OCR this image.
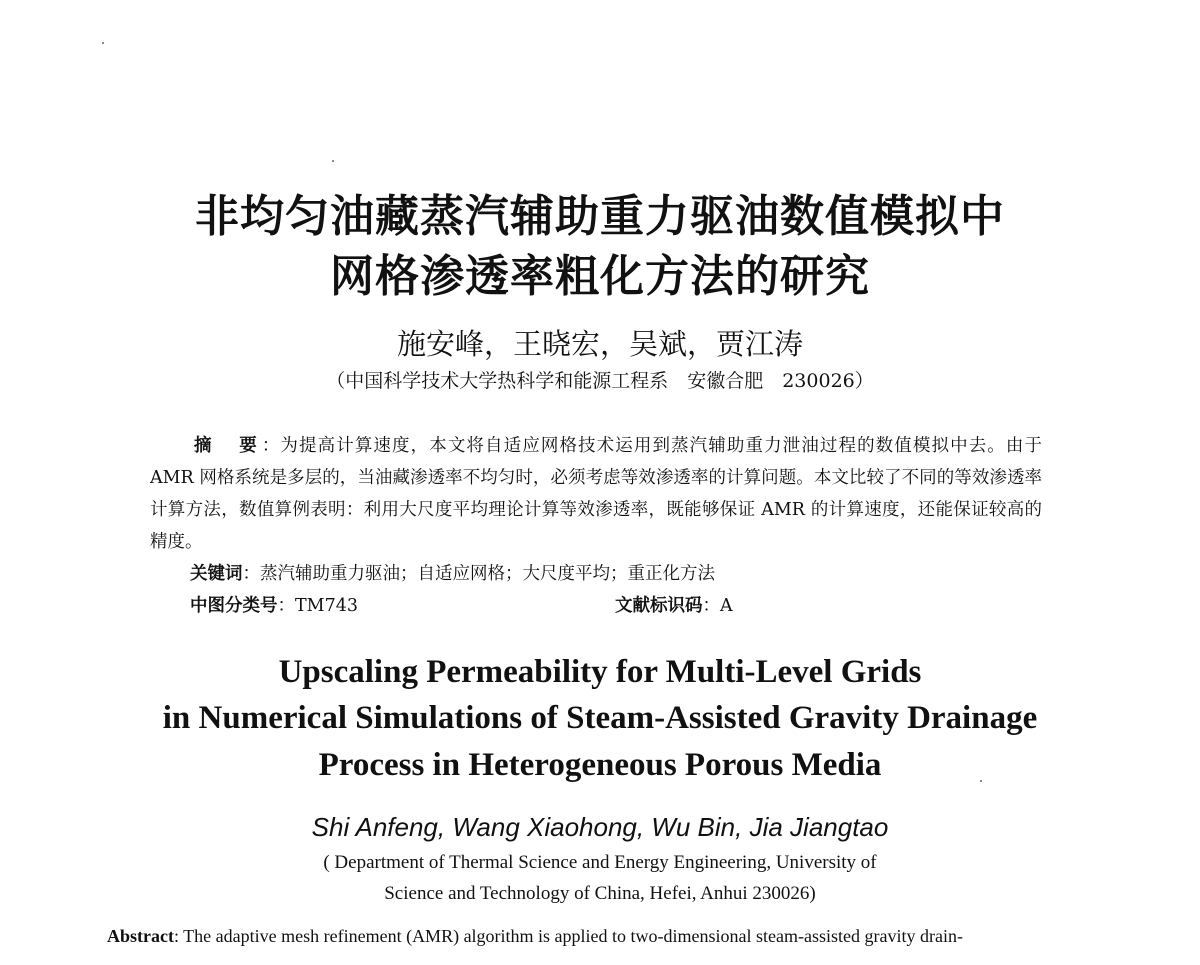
非均匀油藏蒸汽辅助重力驱油数值模拟中
网格渗透率粗化方法的研究
施安峰，王晓宏，吴斌，贾江涛
（中国科学技术大学热科学和能源工程系　安徽合肥　230026）
摘　要：为提高计算速度，本文将自适应网格技术运用到蒸汽辅助重力泄油过程的数值模拟中去。由于 AMR 网格系统是多层的，当油藏渗透率不均匀时，必须考虑等效渗透率的计算问题。本文比较了不同的等效渗透率计算方法，数值算例表明：利用大尺度平均理论计算等效渗透率，既能够保证 AMR 的计算速度，还能保证较高的精度。
关键词：蒸汽辅助重力驱油；自适应网格；大尺度平均；重正化方法
中图分类号：TM743	文献标识码：A
Upscaling Permeability for Multi-Level Grids
in Numerical Simulations of Steam-Assisted Gravity Drainage
Process in Heterogeneous Porous Media
Shi Anfeng, Wang Xiaohong, Wu Bin, Jia Jiangtao
( Department of Thermal Science and Energy Engineering, University of
Science and Technology of China, Hefei, Anhui 230026)
Abstract: The adaptive mesh refinement (AMR) algorithm is applied to two-dimensional steam-assisted gravity drain-
